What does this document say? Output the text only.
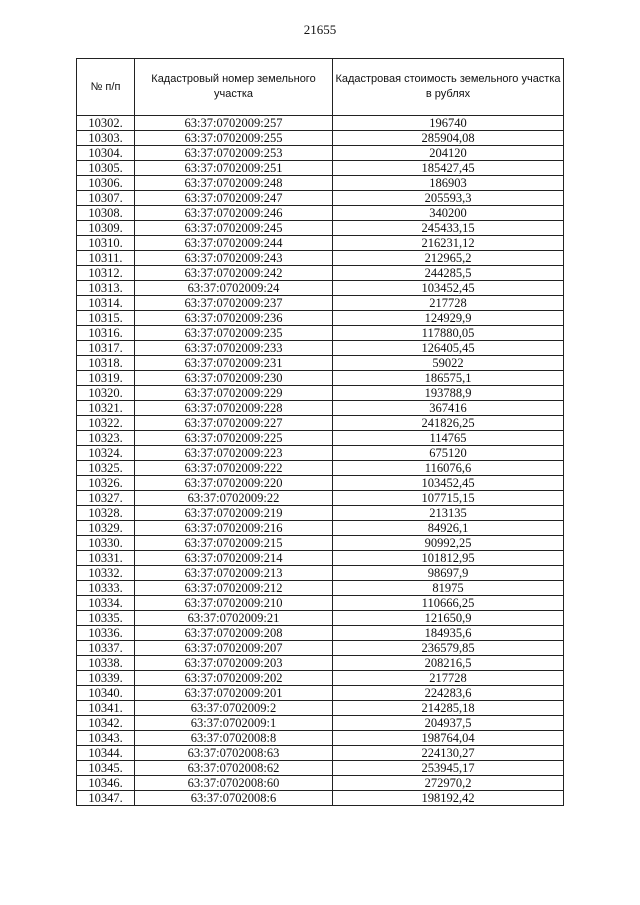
21655
№ п/п	Кадастровый номер земельного участка	Кадастровая стоимость земельного участка в рублях
10302.	63:37:0702009:257	196740
10303.	63:37:0702009:255	285904,08
10304.	63:37:0702009:253	204120
10305.	63:37:0702009:251	185427,45
10306.	63:37:0702009:248	186903
10307.	63:37:0702009:247	205593,3
10308.	63:37:0702009:246	340200
10309.	63:37:0702009:245	245433,15
10310.	63:37:0702009:244	216231,12
10311.	63:37:0702009:243	212965,2
10312.	63:37:0702009:242	244285,5
10313.	63:37:0702009:24	103452,45
10314.	63:37:0702009:237	217728
10315.	63:37:0702009:236	124929,9
10316.	63:37:0702009:235	117880,05
10317.	63:37:0702009:233	126405,45
10318.	63:37:0702009:231	59022
10319.	63:37:0702009:230	186575,1
10320.	63:37:0702009:229	193788,9
10321.	63:37:0702009:228	367416
10322.	63:37:0702009:227	241826,25
10323.	63:37:0702009:225	114765
10324.	63:37:0702009:223	675120
10325.	63:37:0702009:222	116076,6
10326.	63:37:0702009:220	103452,45
10327.	63:37:0702009:22	107715,15
10328.	63:37:0702009:219	213135
10329.	63:37:0702009:216	84926,1
10330.	63:37:0702009:215	90992,25
10331.	63:37:0702009:214	101812,95
10332.	63:37:0702009:213	98697,9
10333.	63:37:0702009:212	81975
10334.	63:37:0702009:210	110666,25
10335.	63:37:0702009:21	121650,9
10336.	63:37:0702009:208	184935,6
10337.	63:37:0702009:207	236579,85
10338.	63:37:0702009:203	208216,5
10339.	63:37:0702009:202	217728
10340.	63:37:0702009:201	224283,6
10341.	63:37:0702009:2	214285,18
10342.	63:37:0702009:1	204937,5
10343.	63:37:0702008:8	198764,04
10344.	63:37:0702008:63	224130,27
10345.	63:37:0702008:62	253945,17
10346.	63:37:0702008:60	272970,2
10347.	63:37:0702008:6	198192,42
